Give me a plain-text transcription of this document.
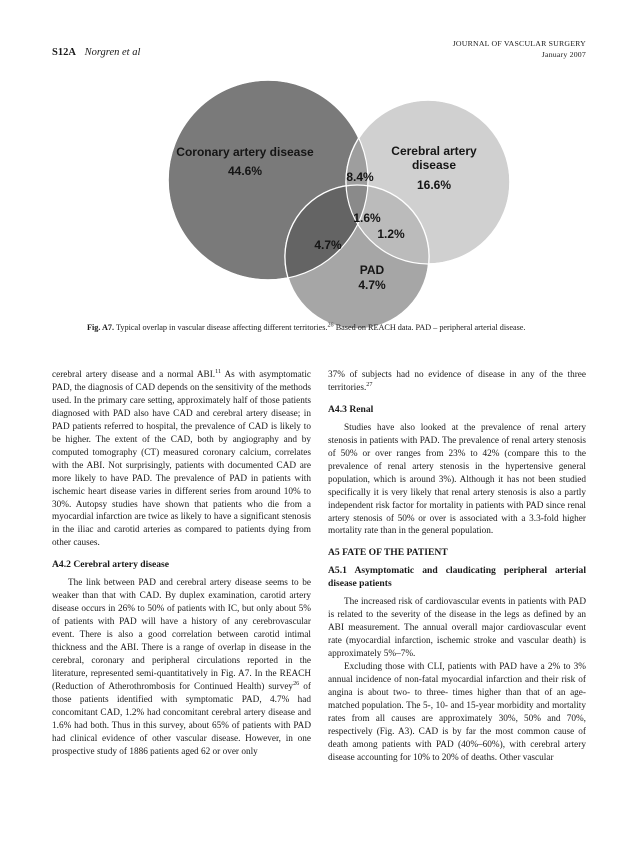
S12A Norgren et al
JOURNAL OF VASCULAR SURGERY
January 2007
Coronary artery disease
44.6%
Cerebral artery
disease
16.6%
8.4%
1.6%
1.2%
4.7%
PAD
4.7%
Fig. A7. Typical overlap in vascular disease affecting different territories.$^{26}$ Based on REACH data. PAD – peripheral arterial disease.

cerebral artery disease and a normal ABI.$^{11}$ As with asymptomatic PAD, the diagnosis of CAD depends on the sensitivity of the methods used. In the primary care setting, approximately half of those patients diagnosed with PAD also have CAD and cerebral artery disease; in PAD patients referred to hospital, the prevalence of CAD is likely to be higher. The extent of the CAD, both by angiography and by computed tomography (CT) measured coronary calcium, correlates with the ABI. Not surprisingly, patients with documented CAD are more likely to have PAD. The prevalence of PAD in patients with ischemic heart disease varies in different series from around 10% to 30%. Autopsy studies have shown that patients who die from a myocardial infarction are twice as likely to have a significant stenosis in the iliac and carotid arteries as compared to patients dying from other causes.

A4.2 Cerebral artery disease

The link between PAD and cerebral artery disease seems to be weaker than that with CAD. By duplex examination, carotid artery disease occurs in 26% to 50% of patients with IC, but only about 5% of patients with PAD will have a history of any cerebrovascular event. There is also a good correlation between carotid intimal thickness and the ABI. There is a range of overlap in disease in the cerebral, coronary and peripheral circulations reported in the literature, represented semi-quantitatively in Fig. A7. In the REACH (Reduction of Atherothrombosis for Continued Health) survey$^{26}$ of those patients identified with symptomatic PAD, 4.7% had concomitant CAD, 1.2% had concomitant cerebral artery disease and 1.6% had both. Thus in this survey, about 65% of patients with PAD had clinical evidence of other vascular disease. However, in one prospective study of 1886 patients aged 62 or over only

37% of subjects had no evidence of disease in any of the three territories.$^{27}$

A4.3 Renal

Studies have also looked at the prevalence of renal artery stenosis in patients with PAD. The prevalence of renal artery stenosis of 50% or over ranges from 23% to 42% (compare this to the prevalence of renal artery stenosis in the hypertensive general population, which is around 3%). Although it has not been studied specifically it is very likely that renal artery stenosis is also a partly independent risk factor for mortality in patients with PAD since renal artery stenosis of 50% or over is associated with a 3.3-fold higher mortality rate than in the general population.

A5 FATE OF THE PATIENT
A5.1 Asymptomatic and claudicating peripheral arterial disease patients

The increased risk of cardiovascular events in patients with PAD is related to the severity of the disease in the legs as defined by an ABI measurement. The annual overall major cardiovascular event rate (myocardial infarction, ischemic stroke and vascular death) is approximately 5%–7%.

Excluding those with CLI, patients with PAD have a 2% to 3% annual incidence of non-fatal myocardial infarction and their risk of angina is about two- to three- times higher than that of an age-matched population. The 5-, 10- and 15-year morbidity and mortality rates from all causes are approximately 30%, 50% and 70%, respectively (Fig. A3). CAD is by far the most common cause of death among patients with PAD (40%–60%), with cerebral artery disease accounting for 10% to 20% of deaths. Other vascular
